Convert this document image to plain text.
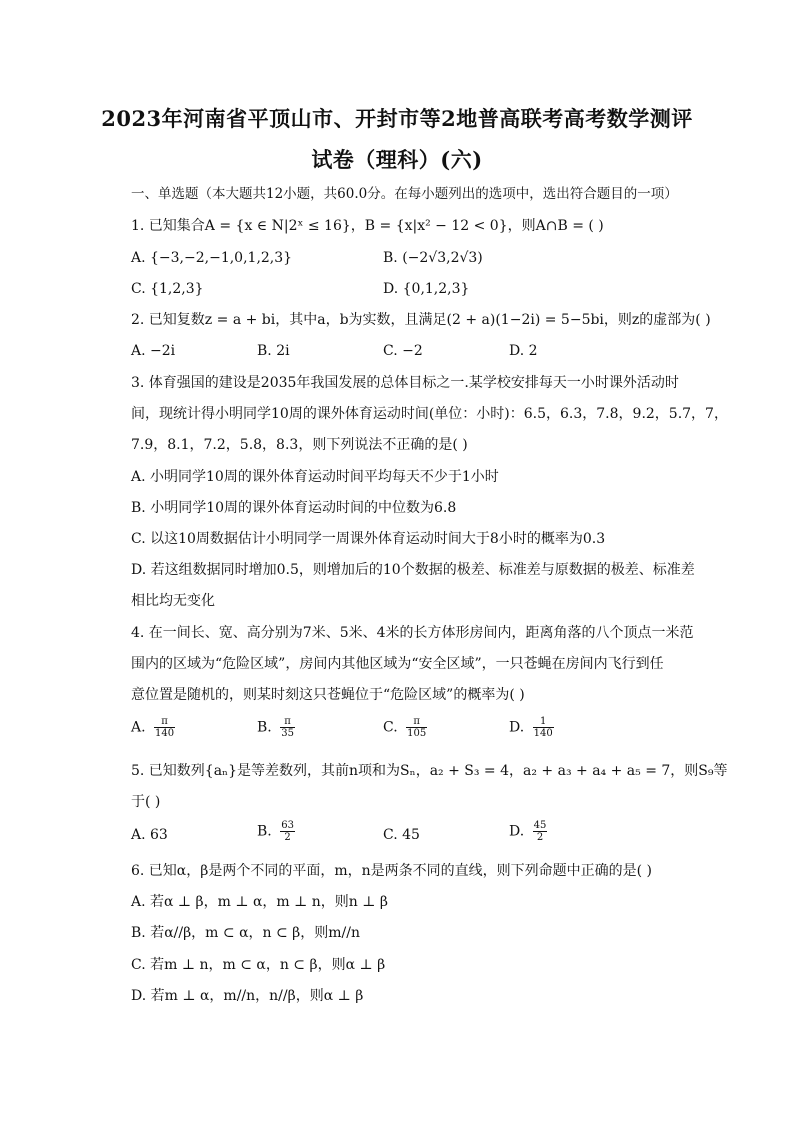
2023年河南省平顶山市、开封市等2地普高联考高考数学测评
试卷（理科）(六)
一、单选题（本大题共12小题，共60.0分。在每小题列出的选项中，选出符合题目的一项）
1. 已知集合A = {x ∈ N|2ˣ ≤ 16}，B = {x|x² − 12 < 0}，则A∩B = ( )
A. {−3,−2,−1,0,1,2,3}	B. (−2√3,2√3)
C. {1,2,3}	D. {0,1,2,3}
2. 已知复数z = a + bi，其中a，b为实数，且满足(2 + a)(1−2i) = 5−5bi，则z的虚部为( )
A. −2i	B. 2i	C. −2	D. 2
3. 体育强国的建设是2035年我国发展的总体目标之一.某学校安排每天一小时课外活动时
间，现统计得小明同学10周的课外体育运动时间(单位：小时)：6.5，6.3，7.8，9.2，5.7，7，
7.9，8.1，7.2，5.8，8.3，则下列说法不正确的是( )
A. 小明同学10周的课外体育运动时间平均每天不少于1小时
B. 小明同学10周的课外体育运动时间的中位数为6.8
C. 以这10周数据估计小明同学一周课外体育运动时间大于8小时的概率为0.3
D. 若这组数据同时增加0.5，则增加后的10个数据的极差、标准差与原数据的极差、标准差
相比均无变化
4. 在一间长、宽、高分别为7米、5米、4米的长方体形房间内，距离角落的八个顶点一米范
围内的区域为“危险区域”，房间内其他区域为“安全区域”，一只苍蝇在房间内飞行到任
意位置是随机的，则某时刻这只苍蝇位于“危险区域”的概率为( )
A. $\frac{\pi}{140}$	B. $\frac{\pi}{35}$	C. $\frac{\pi}{105}$	D. $\frac{1}{140}$
5. 已知数列{aₙ}是等差数列，其前n项和为Sₙ，a₂ + S₃ = 4，a₂ + a₃ + a₄ + a₅ = 7，则S₉等
于( )
A. 63	B. $\frac{63}{2}$	C. 45	D. $\frac{45}{2}$
6. 已知α，β是两个不同的平面，m，n是两条不同的直线，则下列命题中正确的是( )
A. 若α ⊥ β，m ⊥ α，m ⊥ n，则n ⊥ β
B. 若α//β，m ⊂ α，n ⊂ β，则m//n
C. 若m ⊥ n，m ⊂ α，n ⊂ β，则α ⊥ β
D. 若m ⊥ α，m//n，n//β，则α ⊥ β
